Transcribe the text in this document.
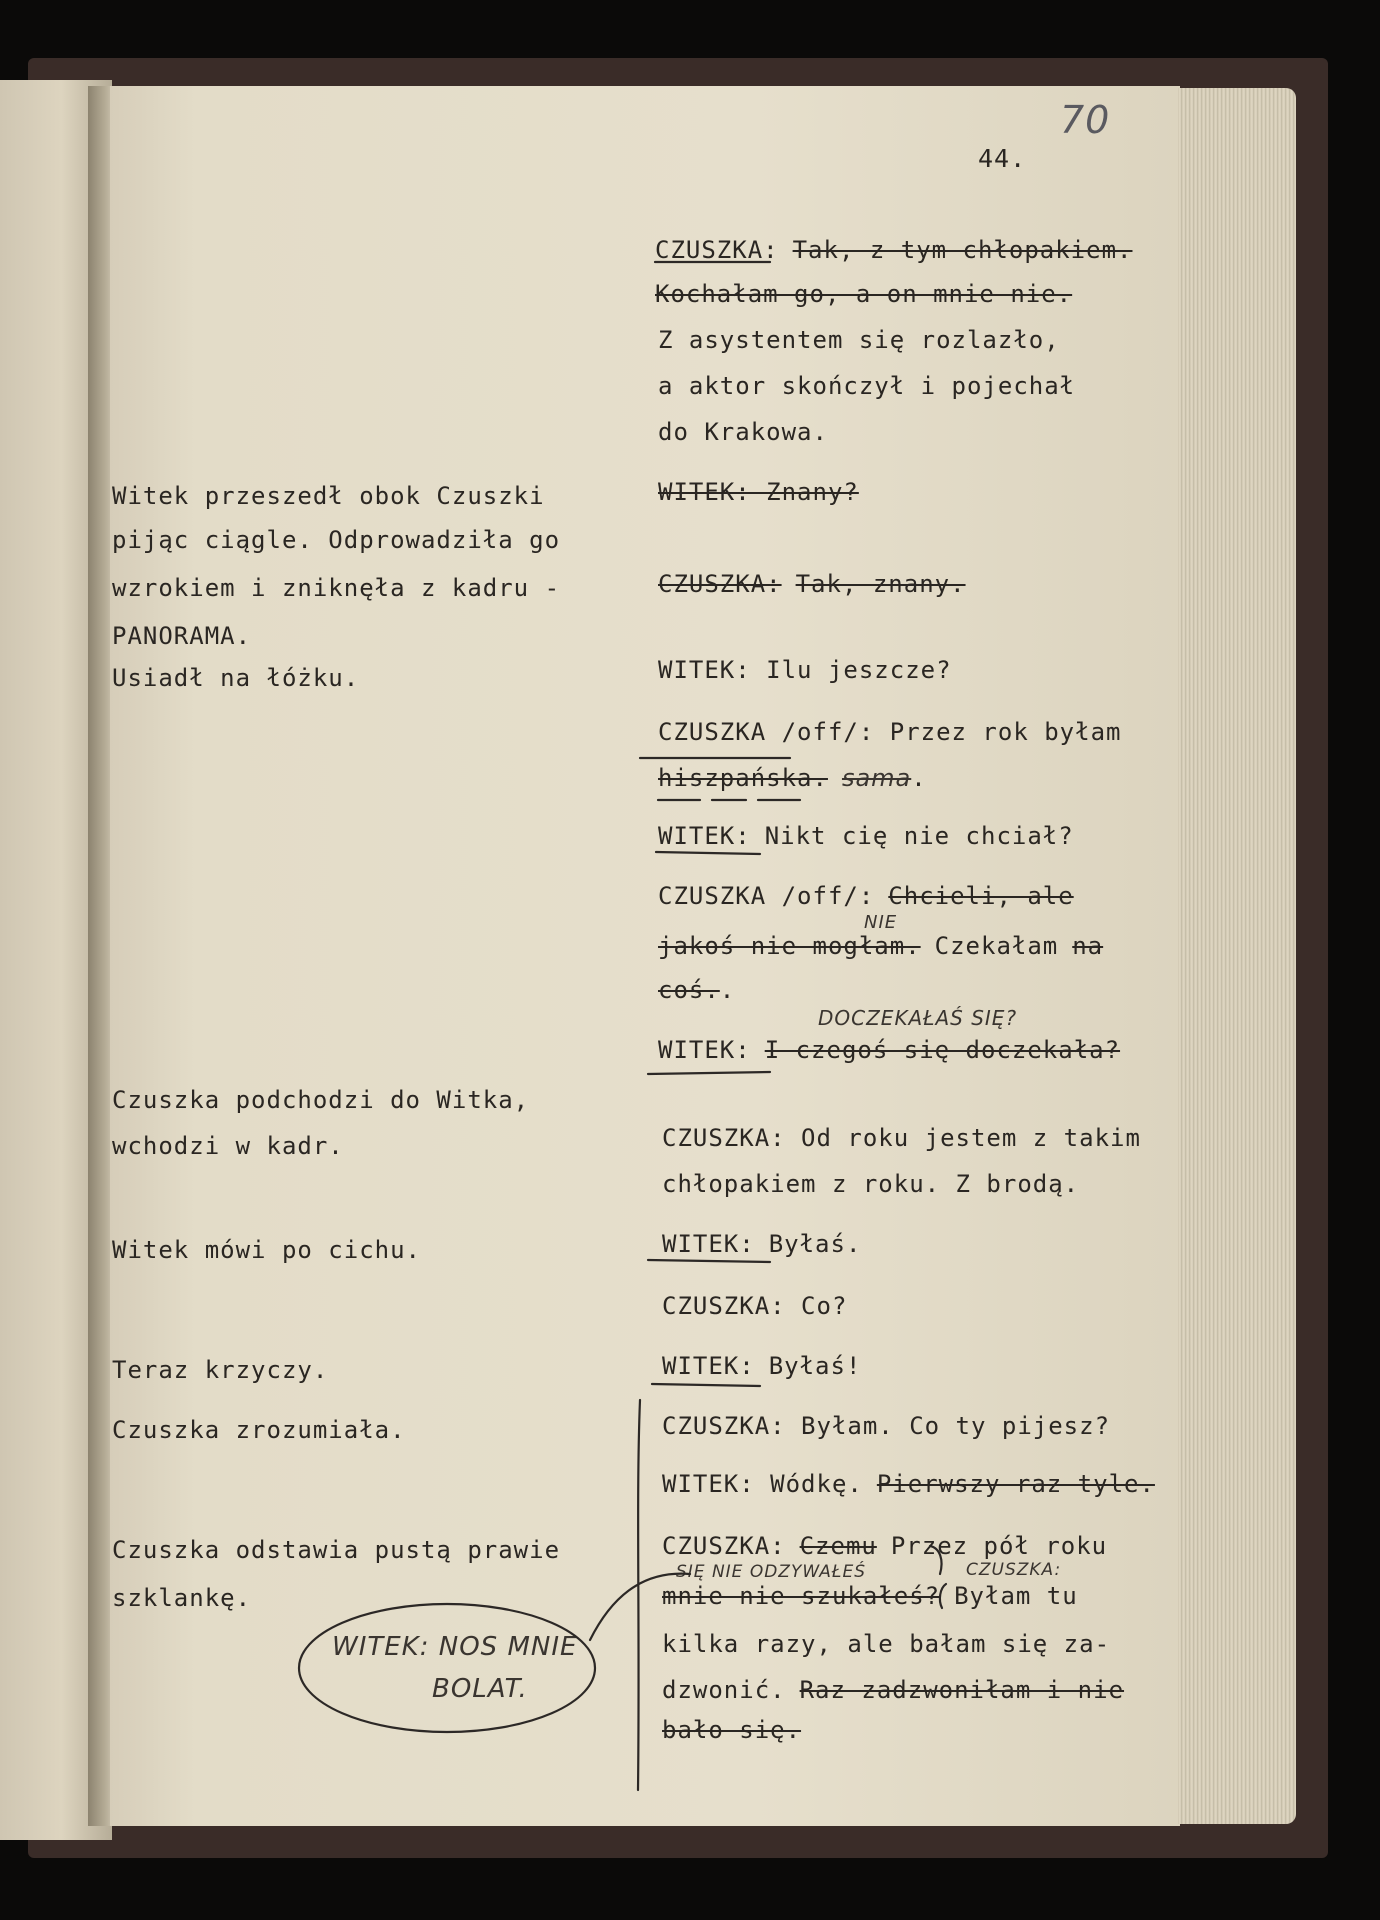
44.
70
Witek przeszedł obok Czuszki
pijąc ciągle. Odprowadziła go
wzrokiem i zniknęła z kadru -
PANORAMA.
Usiadł na łóżku.
Czuszka podchodzi do Witka,
wchodzi w kadr.
Witek mówi po cichu.
Teraz krzyczy.
Czuszka zrozumiała.
Czuszka odstawia pustą prawie
szklankę.
CZUSZKA: Tak, z tym chłopakiem.
Kochałam go, a on mnie nie.
Z asystentem się rozlazło,
a aktor skończył i pojechał
do Krakowa.
WITEK: Znany?
CZUSZKA: Tak, znany.
WITEK: Ilu jeszcze?
CZUSZKA /off/: Przez rok byłam
hiszpańska. sama.
WITEK: Nikt cię nie chciał?
CZUSZKA /off/: Chcieli, ale
NIE
jakoś nie mogłam. Czekałam na
coś..
DOCZEKAŁAŚ SIĘ?
WITEK: I czegoś się doczekała?
CZUSZKA: Od roku jestem z takim
chłopakiem z roku. Z brodą.
WITEK: Byłaś.
CZUSZKA: Co?
WITEK: Byłaś!
CZUSZKA: Byłam. Co ty pijesz?
WITEK: Wódkę. Pierwszy raz tyle.
CZUSZKA: Czemu Przez pół roku
SIĘ NIE ODZYWAŁEŚ	CZUSZKA:
mnie nie szukałeś? Byłam tu
kilka razy, ale bałam się za-
dzwonić. Raz zadzwoniłam i nie
bało się.
WITEK: NOS MNIE
BOLAT.
